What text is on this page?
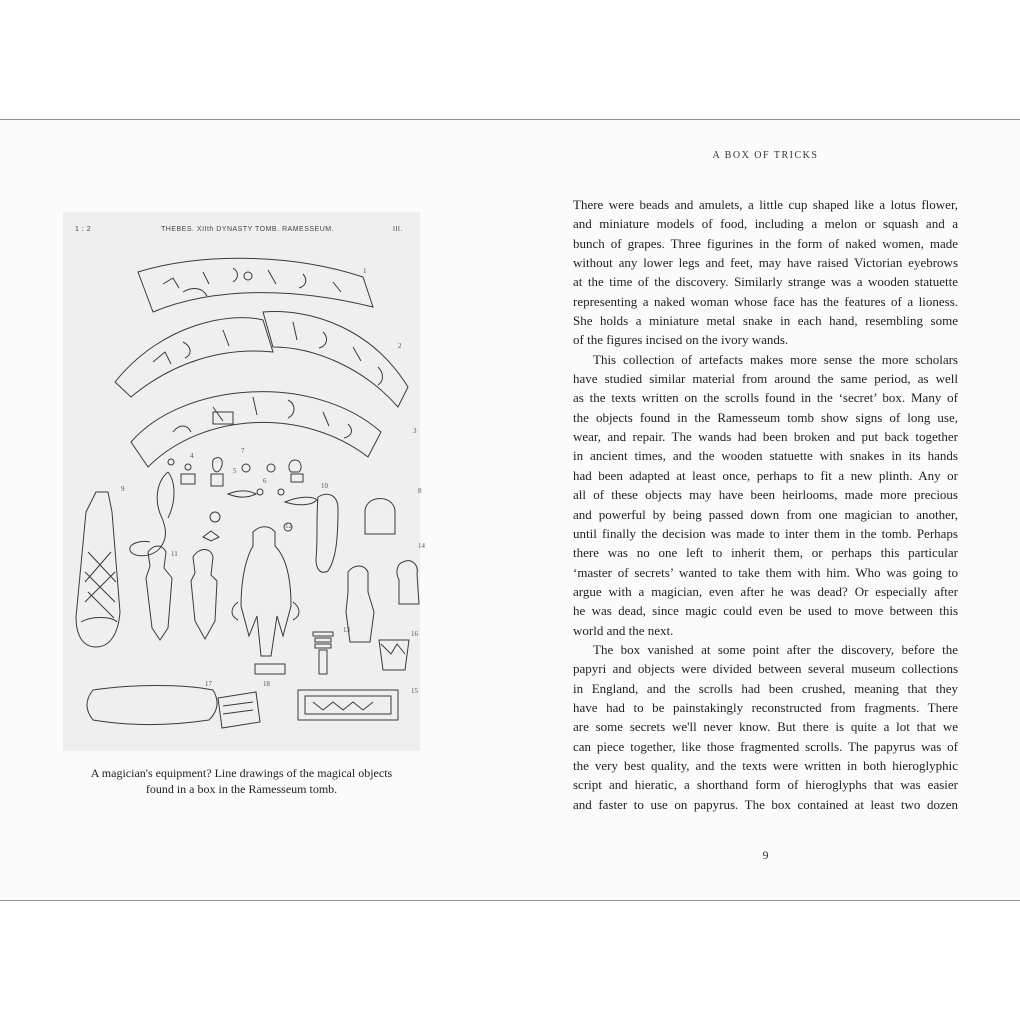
1 : 2	THEBES. XIIth DYNASTY TOMB. RAMESSEUM.	III.
1
2
3
4
5
6
7
8
9	10
11
12
13
14
15
16
17	18
A magician's equipment? Line drawings of the magical objects
found in a box in the Ramesseum tomb.
A BOX OF TRICKS
There were beads and amulets, a little cup shaped like a lotus flower,
and miniature models of food, including a melon or squash and a
bunch of grapes. Three figurines in the form of naked women, made
without any lower legs and feet, may have raised Victorian eyebrows
at the time of the discovery. Similarly strange was a wooden statuette
representing a naked woman whose face has the features of a lioness.
She holds a miniature metal snake in each hand, resembling some
of the figures incised on the ivory wands.
This collection of artefacts makes more sense the more scholars
have studied similar material from around the same period, as well
as the texts written on the scrolls found in the ‘secret’ box. Many of
the objects found in the Ramesseum tomb show signs of long use,
wear, and repair. The wands had been broken and put back together
in ancient times, and the wooden statuette with snakes in its hands
had been adapted at least once, perhaps to fit a new plinth. Any or
all of these objects may have been heirlooms, made more precious
and powerful by being passed down from one magician to another,
until finally the decision was made to inter them in the tomb. Perhaps
there was no one left to inherit them, or perhaps this particular
‘master of secrets’ wanted to take them with him. Who was going to
argue with a magician, even after he was dead? Or especially after
he was dead, since magic could even be used to move between this
world and the next.
The box vanished at some point after the discovery, before the
papyri and objects were divided between several museum collections
in England, and the scrolls had been crushed, meaning that they
have had to be painstakingly reconstructed from fragments. There
are some secrets we'll never know. But there is quite a lot that we
can piece together, like those fragmented scrolls. The papyrus was of
the very best quality, and the texts were written in both hieroglyphic
script and hieratic, a shorthand form of hieroglyphs that was easier
and faster to use on papyrus. The box contained at least two dozen
9
